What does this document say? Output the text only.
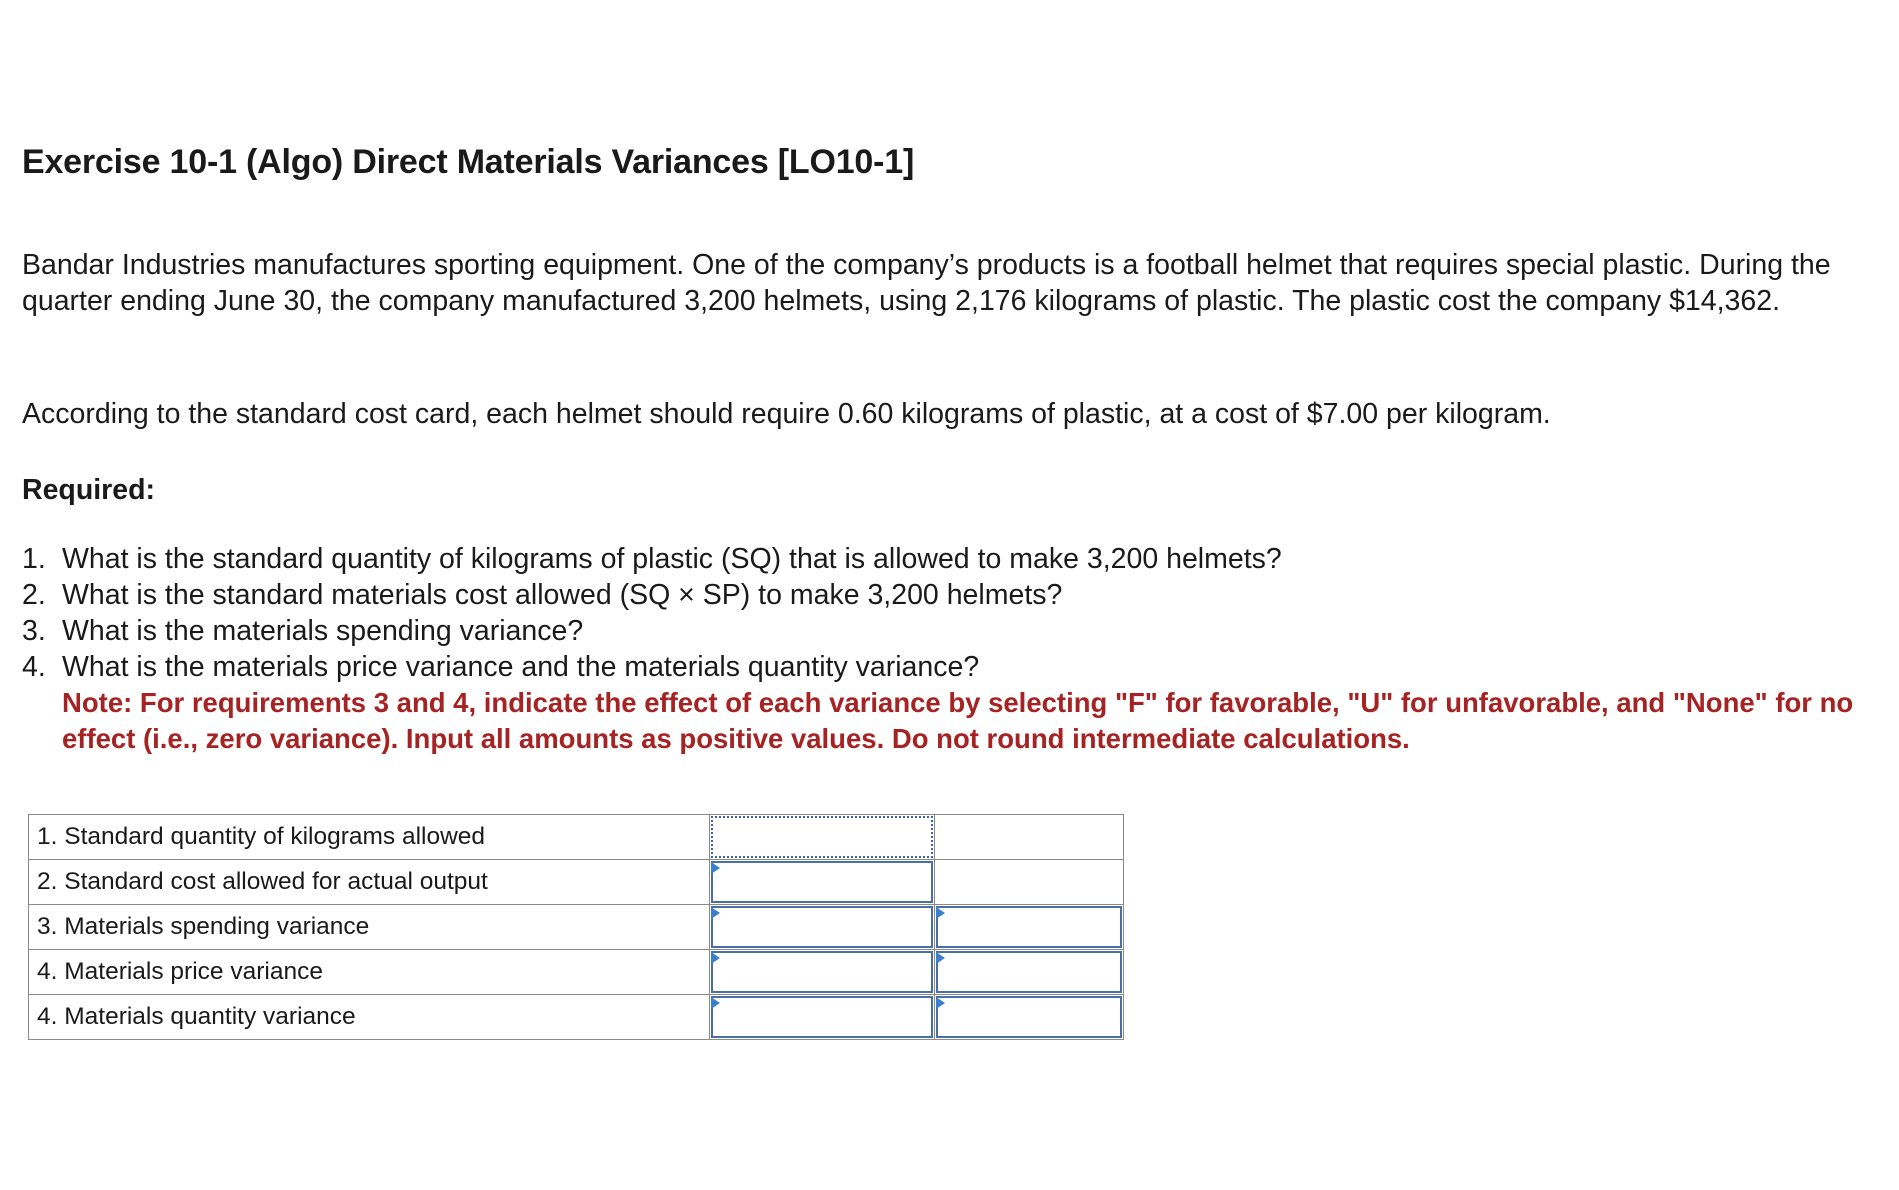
Exercise 10-1 (Algo) Direct Materials Variances [LO10-1]
Bandar Industries manufactures sporting equipment. One of the company’s products is a football helmet that requires special plastic. During the quarter ending June 30, the company manufactured 3,200 helmets, using 2,176 kilograms of plastic. The plastic cost the company $14,362.
According to the standard cost card, each helmet should require 0.60 kilograms of plastic, at a cost of $7.00 per kilogram.
Required:
1. What is the standard quantity of kilograms of plastic (SQ) that is allowed to make 3,200 helmets?
2. What is the standard materials cost allowed (SQ × SP) to make 3,200 helmets?
3. What is the materials spending variance?
4. What is the materials price variance and the materials quantity variance?
Note: For requirements 3 and 4, indicate the effect of each variance by selecting "F" for favorable, "U" for unfavorable, and "None" for no effect (i.e., zero variance). Input all amounts as positive values. Do not round intermediate calculations.
1. Standard quantity of kilograms allowed	

2. Standard cost allowed for actual output	

3. Materials spending variance	

4. Materials price variance	

4. Materials quantity variance	
